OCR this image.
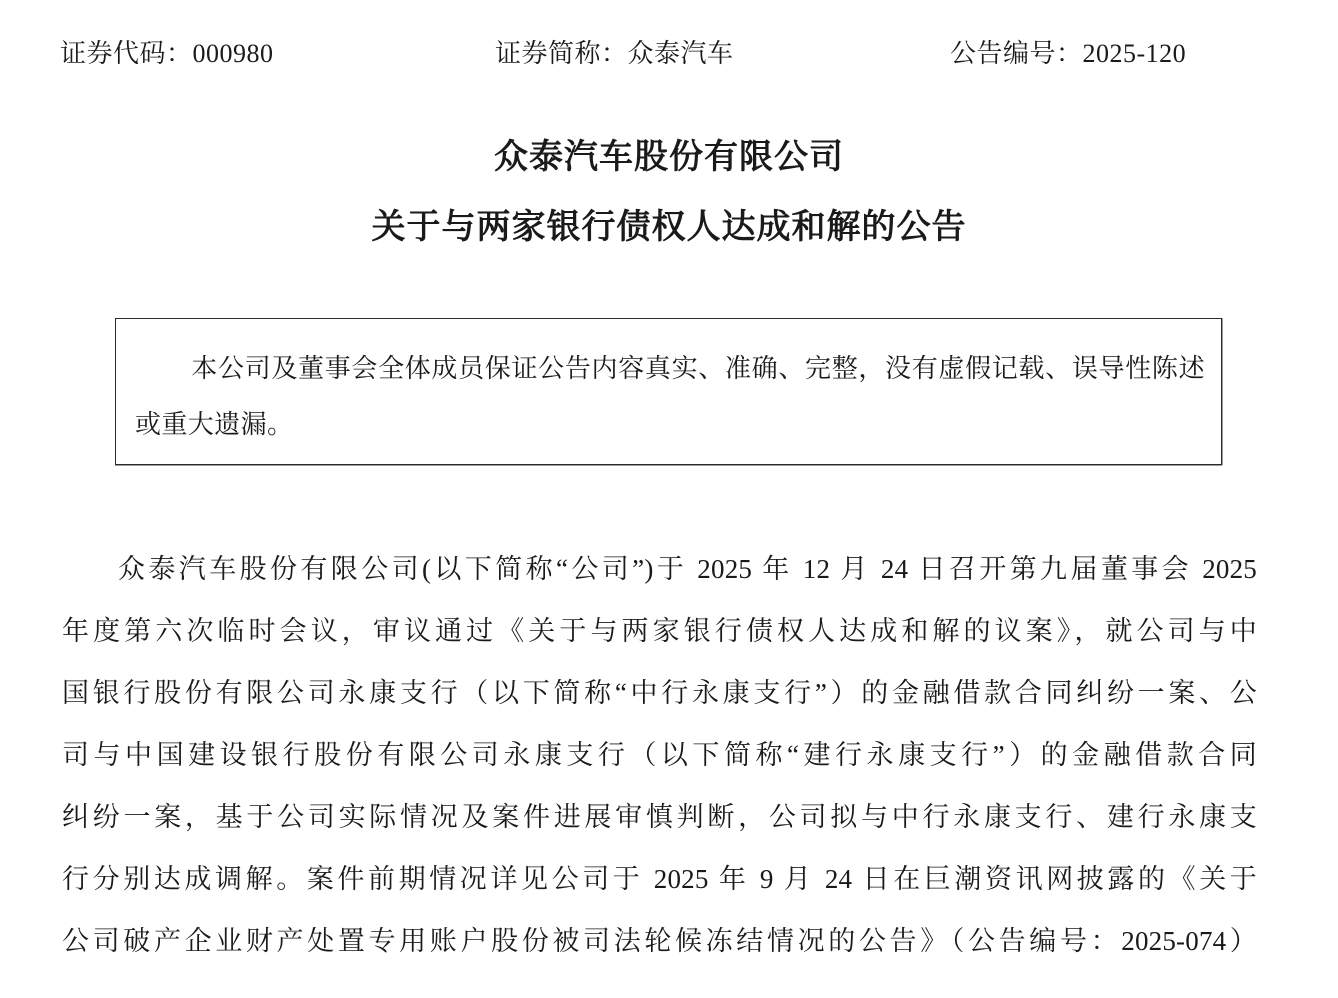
证券代码：000980	证券简称：众泰汽车	公告编号：2025-120
众泰汽车股份有限公司
关于与两家银行债权人达成和解的公告
本公司及董事会全体成员保证公告内容真实、准确、完整，没有虚假记载、误导性陈述或重大遗漏。
众泰汽车股份有限公司(以下简称“公司”)于 2025 年 12 月 24 日召开第九届董事会 2025
年度第六次临时会议，审议通过《关于与两家银行债权人达成和解的议案》，就公司与中
国银行股份有限公司永康支行（以下简称“中行永康支行”）的金融借款合同纠纷一案、公
司与中国建设银行股份有限公司永康支行（以下简称“建行永康支行”）的金融借款合同
纠纷一案，基于公司实际情况及案件进展审慎判断，公司拟与中行永康支行、建行永康支
行分别达成调解。案件前期情况详见公司于 2025 年 9 月 24 日在巨潮资讯网披露的《关于
公司破产企业财产处置专用账户股份被司法轮候冻结情况的公告》（公告编号：2025-074）
